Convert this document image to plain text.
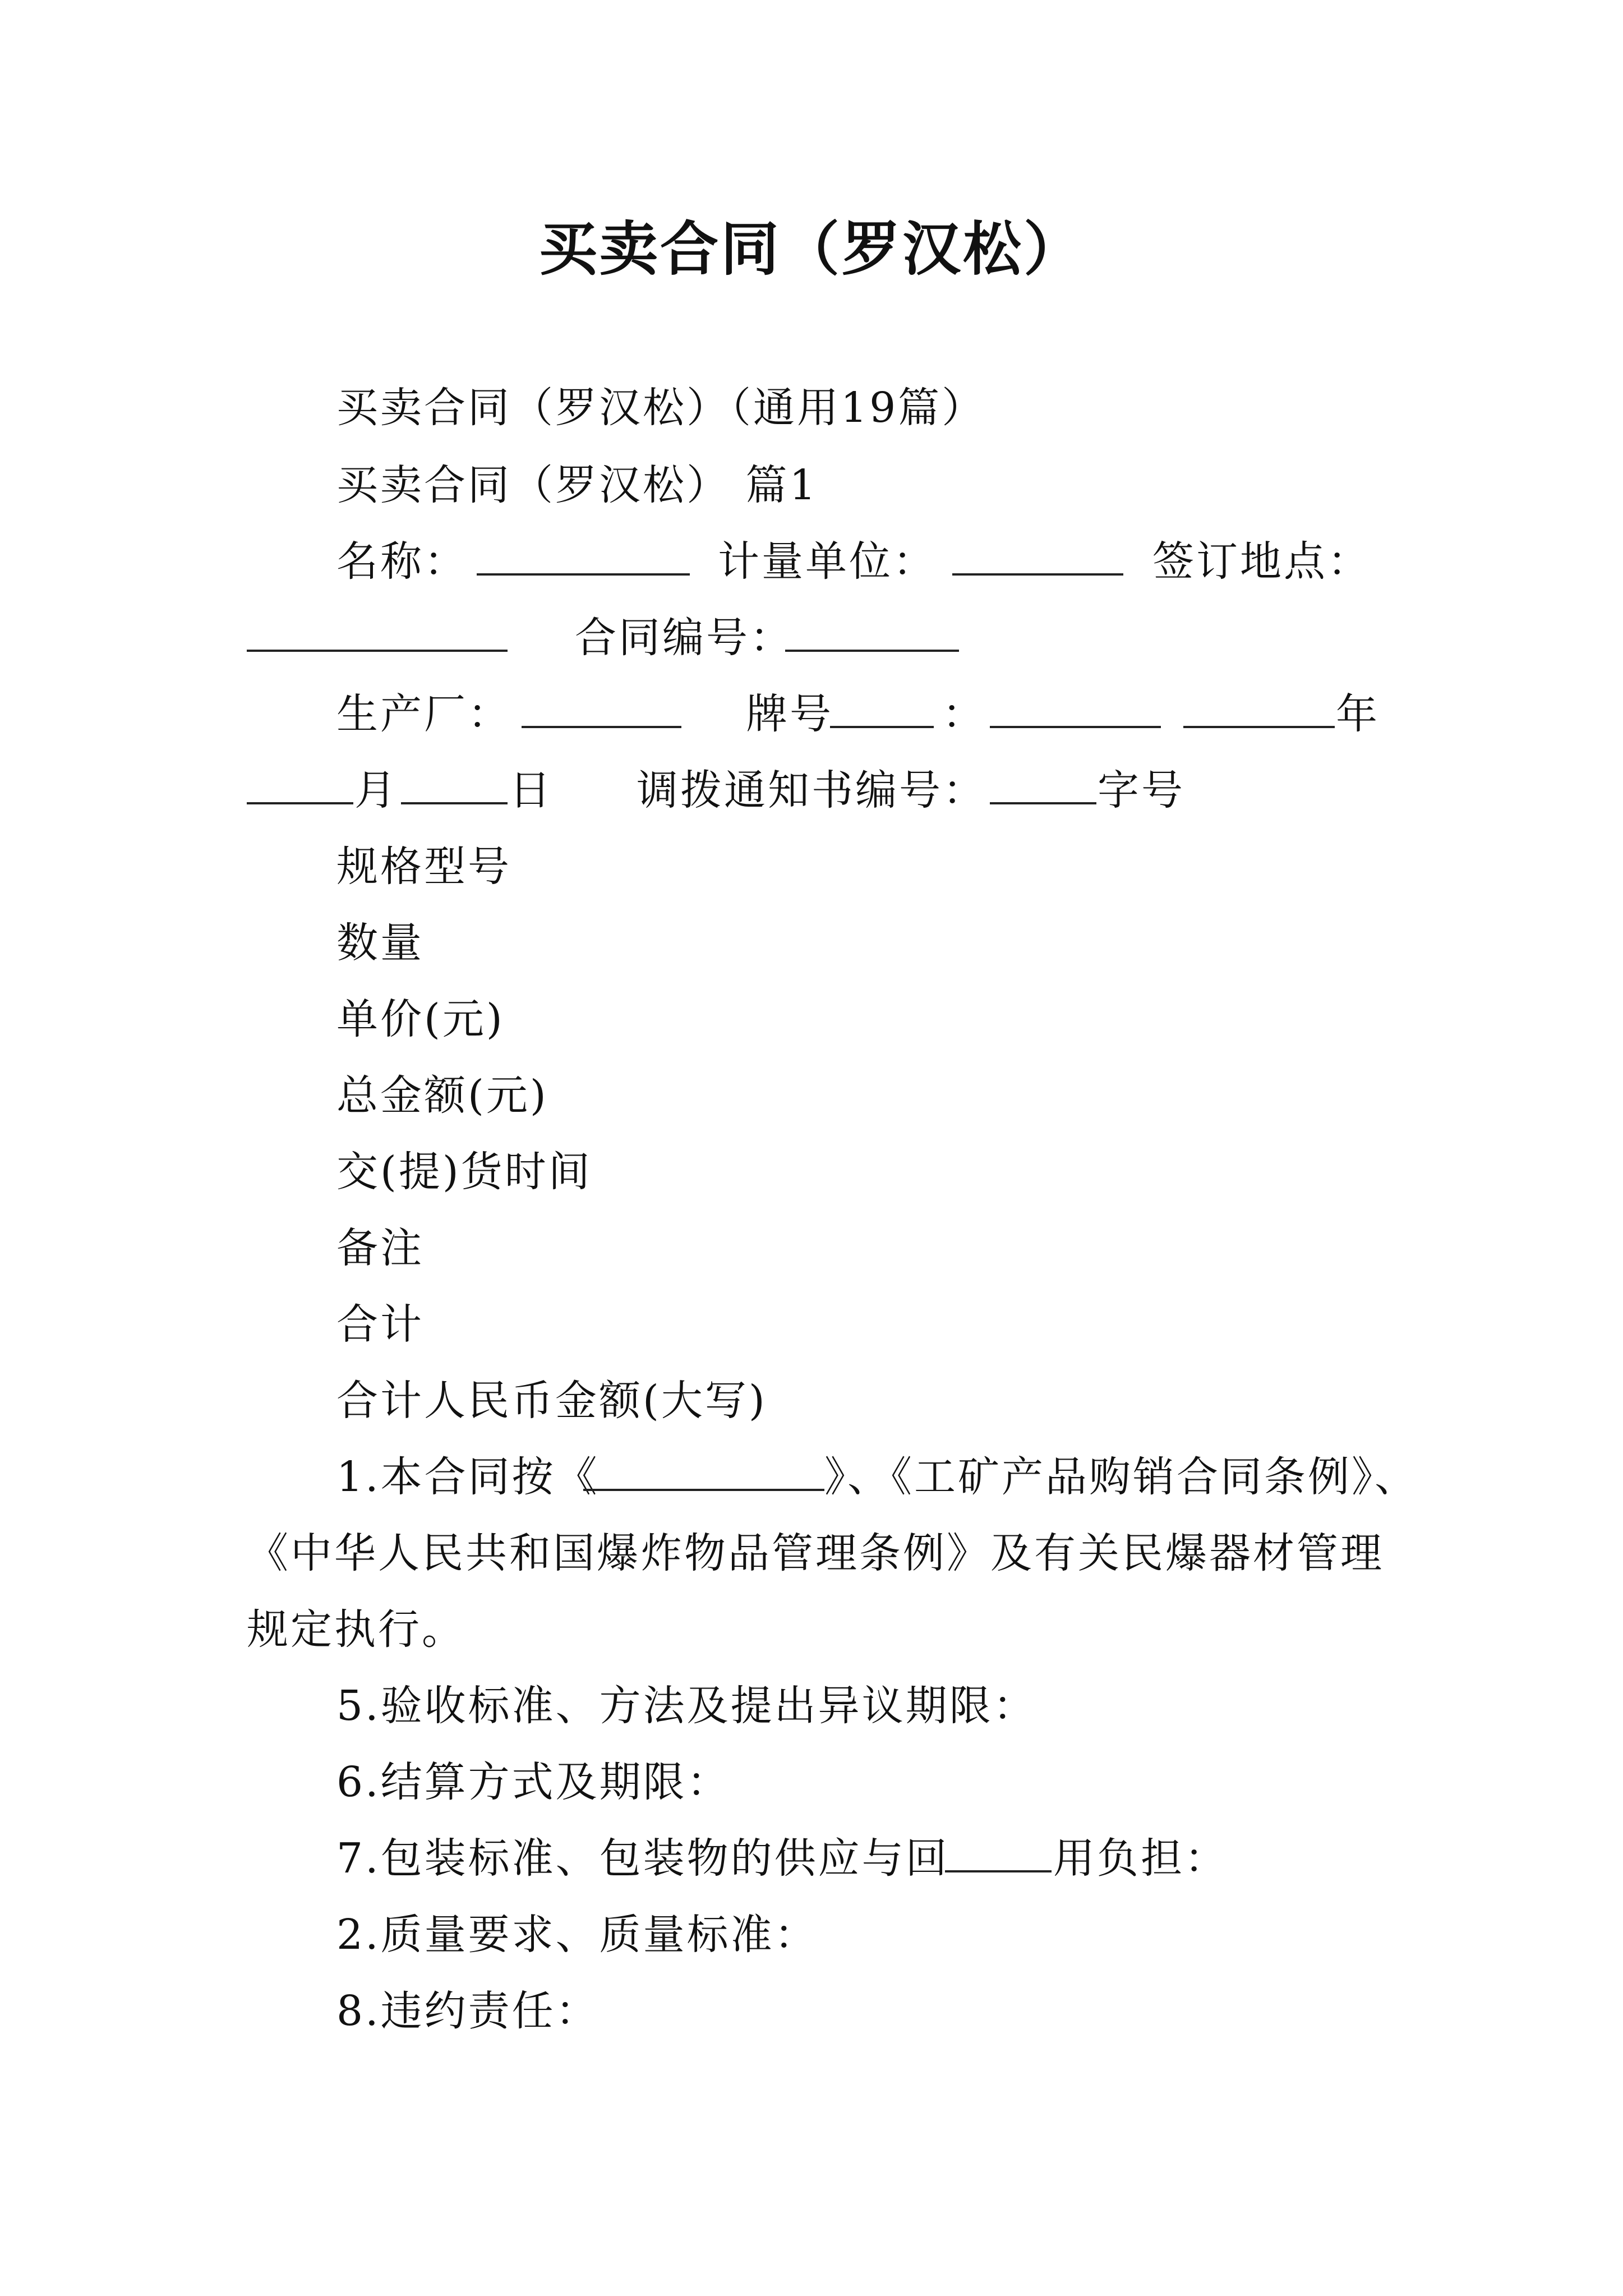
买卖合同（罗汉松）
买卖合同（罗汉松）（通用19篇）
买卖合同（罗汉松） 篇1
名称：	计量单位：	签订地点：
合同编号：
生产厂：	牌号	：	年
月	日 调拨通知书编号：	字号
规格型号
数量
单价(元)
总金额(元)
交(提)货时间
备注
合计
合计人民币金额(大写)
1.本合同按《	》、《工矿产品购销合同条例》、
《中华人民共和国爆炸物品管理条例》及有关民爆器材管理
规定执行。
5.验收标准、方法及提出异议期限：
6.结算方式及期限：
7.包装标准、包装物的供应与回	用负担：
2.质量要求、质量标准：
8.违约责任：
